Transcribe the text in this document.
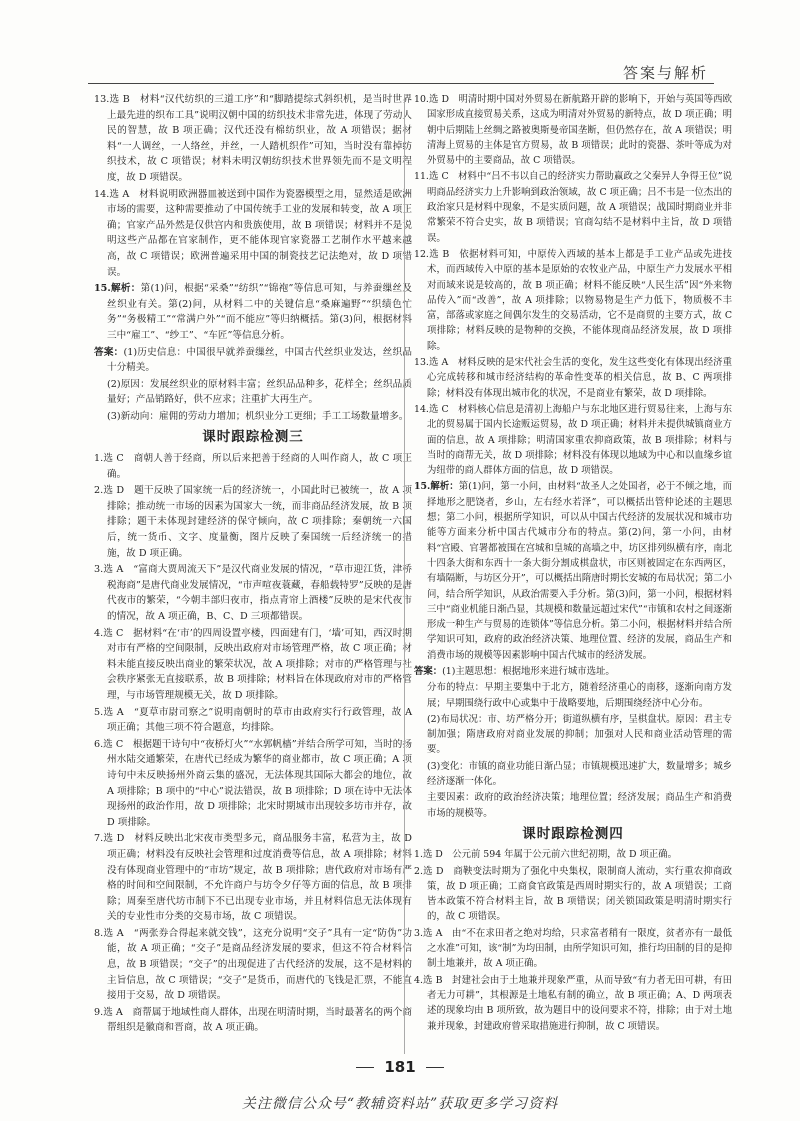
答案与解析
13.选 B　材料“汉代纺织的三道工序”和“脚踏提综式斜织机，是当时世界上最先进的织布工具”说明汉朝中国的纺织技术非常先进，体现了劳动人民的智慧，故 B 项正确；汉代还没有棉纺织业，故 A 项错误；据材料“一人调丝，一人络丝，并丝，一人踏机织作”可知，当时没有靠掉纺织技术，故 C 项错误；材料未明汉朝纺织技术世界领先而不是文明程度，故 D 项错误。
14.选 A　材料说明欧洲器皿被送到中国作为瓷器模型之用，显然适是欧洲市场的需要，这种需要推动了中国传统手工业的发展和转变，故 A 项正确；官家产品外然是仅供宫内和贵族使用，故 B 项错误；材料并不是说明这些产品都在官家制作，更不能体现官家瓷器工艺制作水平越来越高，故 C 项错误；欧洲普遍采用中国的制瓷技艺记法绝对，故 D 项错误。
15.解析：第(1)问，根据“采桑”“纺织”“锦袍”等信息可知，与养蚕缫丝及丝织业有关。第(2)问，从材料二中的关键信息“桑麻遍野”“织绩色忙务”“务极精工”“常满户外”“而不能应”等归纳概括。第(3)问，根据材料三中“雇工”、“纱工”、“车匠”等信息分析。
答案：(1)历史信息：中国很早就养蚕缫丝，中国古代丝织业发达，丝织品十分精美。
(2)原因：发展丝织业的原材料丰富；丝织品品种多，花样全；丝织品质量好；产品销路好，供不应求；注重扩大再生产。
(3)新动向：雇佣的劳动力增加；机织业分工更细；手工工场数量增多。
课时跟踪检测三
1.选 C　商朝人善于经商，所以后来把善于经商的人叫作商人，故 C 项正确。
2.选 D　题干反映了国家统一后的经济统一，小国此时已被统一，故 A 项排除；推动统一市场的因素为国家大一统，而非商品经济发展，故 B 项排除；题干未体现封建经济的保守倾向，故 C 项排除；秦朝统一六国后，统一货币、文字、度量衡，图片反映了秦国统一后经济统一的措施，故 D 项正确。
3.选 A　“富商大贾周流天下”是汉代商业发展的情况，“草市迎江货，津桥税海商”是唐代商业发展情况，“市声喧夜蓑藏，春船载特罗”反映的是唐代夜市的繁荣，“今朝丰部归夜市，指点青帘上酒楼”反映的是宋代夜市的情况，故 A 项正确，B、C、D 三项都错误。
4.选 C　据材料“在‘市’的四周设置亭楼，四面建有门，‘墙’可知，西汉时期对市有严格的空间限制，反映出政府对市场管理严格，故 C 项正确；材料未能直接反映出商业的繁荣状况，故 A 项排除；对市的严格管理与社会秩序紧张无直接联系，故 B 项排除；材料旨在体现政府对市的严格管理，与市场管理规模无关，故 D 项排除。
5.选 A　“夏草市尉司察之”说明南朝时的草市由政府实行行政管理，故 A 项正确；其他三项不符合题意，均排除。
6.选 C　根据题干诗句中“夜桥灯火”“水郭帆樯”并结合所学可知，当时的扬州水陆交通繁荣，在唐代已经成为繁华的商业都市，故 C 项正确；A 项诗句中未反映扬州外商云集的盛况，无法体现其国际大都会的地位，故 A 项排除；B 项中的“中心”说法错误，故 B 项排除；D 项在诗中无法体现扬州的政治作用，故 D 项排除；北宋时期城市出现较多坊市并存，故 D 项排除。
7.选 D　材料反映出北宋夜市类型多元，商品服务丰富，私营为主，故 D 项正确；材料没有反映社会管理和过度消费等信息，故 A 项排除；材料没有体现商业管理中的“市坊”规定，故 B 项排除；唐代政府对市场有严格的时间和空间限制，不允许商户与坊令夕仔等方面的信息，故 B 项排除；周秦至唐代坊市制下不已出现专业市场，并且材料信息无法体现有关的专业性市分类的交易市场，故 C 项错误。
8.选 A　“两张券合得起来就交钱”，这充分说明“交子”具有一定“防伪”功能，故 A 项正确；“交子”是商品经济发展的要求，但这不符合材料信息，故 B 项错误；“交子”的出现促进了古代经济的发展，这不是材料的主旨信息，故 C 项错误；“交子”是货币，而唐代的飞钱是汇票，不能直接用于交易，故 D 项错误。
9.选 A　商帮属于地域性商人群体，出现在明清时期，当时最著名的两个商帮组织是徽商和晋商，故 A 项正确。
10.选 D　明清时期中国对外贸易在新航路开辟的影响下，开始与英国等西欧国家形成直接贸易关系，这成为明清对外贸易的新特点，故 D 项正确；明朝中后期陆上丝绸之路被奥斯曼帝国垄断，但仍然存在，故 A 项错误；明清海上贸易的主体是官方贸易，故 B 项错误；此时的瓷器、茶叶等成为对外贸易中的主要商品，故 C 项错误。
11.选 C　材料中“吕不韦以自己的经济实力帮助赢政之父秦异人争得王位”说明商品经济实力上升影响到政治领域，故 C 项正确；吕不韦是一位杰出的政治家只是材料中现象，不是实质问题，故 A 项错误；战国时期商业并非常繁荣不符合史实，故 B 项错误；官商勾结不是材料中主旨，故 D 项错误。
12.选 B　依据材料可知，中原传入西域的基本上都是手工业产品或先进技术，而西域传入中原的基本是原始的农牧业产品，中原生产力发展水平相对而域来说是较高的，故 B 项正确；材料不能反映“人民生活”因“外来物品传入”而“改善”，故 A 项排除；以物易物是生产力低下，物质极不丰富，部落或家庭之间偶尔发生的交易活动，它不是商贸的主要方式，故 C 项排除；材料反映的是物种的交换，不能体现商品经济发展，故 D 项排除。
13.选 A　材料反映的是宋代社会生活的变化，发生这些变化有体现出经济重心完成转移和城市经济结构的革命性变革的相关信息，故 B、C 两项排除；材料没有体现出城市化的状况，不是商业有繁荣，故 D 项排除。
14.选 C　材料核心信息是清初上海船户与东北地区进行贸易往来，上海与东北的贸易属于国内长途贩运贸易，故 D 项正确；材料并未提供城镇商业方面的信息，故 A 项排除；明清国家重农抑商政策，故 B 项排除；材料与当时的商帮无关，故 D 项排除；材料没有体现以地域为中心和以血缘乡谊为纽带的商人群体方面的信息，故 D 项错误。
15.解析：第(1)问，第一小问，由材料“故圣人之处国者，必于不倾之地，而择地形之肥饶者，乡山，左右经水若泽”，可以概括出管仲论述的主题思想；第二小问，根据所学知识，可以从中国古代经济的发展状况和城市功能等方面来分析中国古代城市分布的特点。第(2)问，第一小问，由材料“宫殿、官署都被围在宫城和皇城的高墙之中，坊区排列纵横有序，南北十四条大街和东西十一条大街分割成棋盘状，市区则被固定在东西两区，有墙隔断，与坊区分开”，可以概括出隋唐时期长安城的布局状况；第二小问，结合所学知识，从政治需要入手分析。第(3)问，第一小问，根据材料三中“商业机能日渐凸显，其规模和数量远超过宋代”“市镇和农村之间逐渐形成一种生产与贸易的连锁体”等信息分析。第二小问，根据材料并结合所学知识可知，政府的政治经济决策、地理位置、经济的发展，商品生产和消费市场的规模等因素影响中国古代城市的经济发展。
答案：(1)主题思想：根据地形来进行城市选址。
分布的特点：早期主要集中于北方，随着经济重心的南移，逐渐向南方发展；早期围绕行政中心或集中于战略要地，后期围绕经济中心分布。
(2)布局状况：市、坊严格分开；街道纵横有序，呈棋盘状。原因：君主专制加强；隋唐政府对商业发展的抑制；加强对人民和商业活动管理的需要。
(3)变化：市镇的商业功能日渐凸显；市镇规模迅速扩大，数量增多；城乡经济逐渐一体化。
主要因素：政府的政治经济决策；地理位置；经济发展；商品生产和消费市场的规模等。
课时跟踪检测四
1.选 D　公元前 594 年属于公元前六世纪初期，故 D 项正确。
2.选 D　商鞅变法时期为了强化中央集权，限制商人流动，实行重农抑商政策，故 D 项正确；工商食官政策是西周时期实行的，故 A 项错误；工商皆本政策不符合材料主旨，故 B 项错误；闭关锁国政策是明清时期实行的，故 C 项错误。
3.选 A　由“不在求田者之绝对均给，只求富者稍有一限度，贫者亦有一最低之水准”可知，该“制”为均田制，由所学知识可知，推行均田制的目的是抑制土地兼并，故 A 项正确。
4.选 B　封建社会由于土地兼并现象严重，从而导致“有力者无田可耕，有田者无力可耕”，其根源是土地私有制的确立，故 B 项正确；A、D 两项表述的现象均由 B 项所致，故为题目中的设问要求不符，排除；由于对土地兼并现象，封建政府曾采取措施进行抑制，故 C 项错误。
181
关注微信公众号“教辅资料站”获取更多学习资料
